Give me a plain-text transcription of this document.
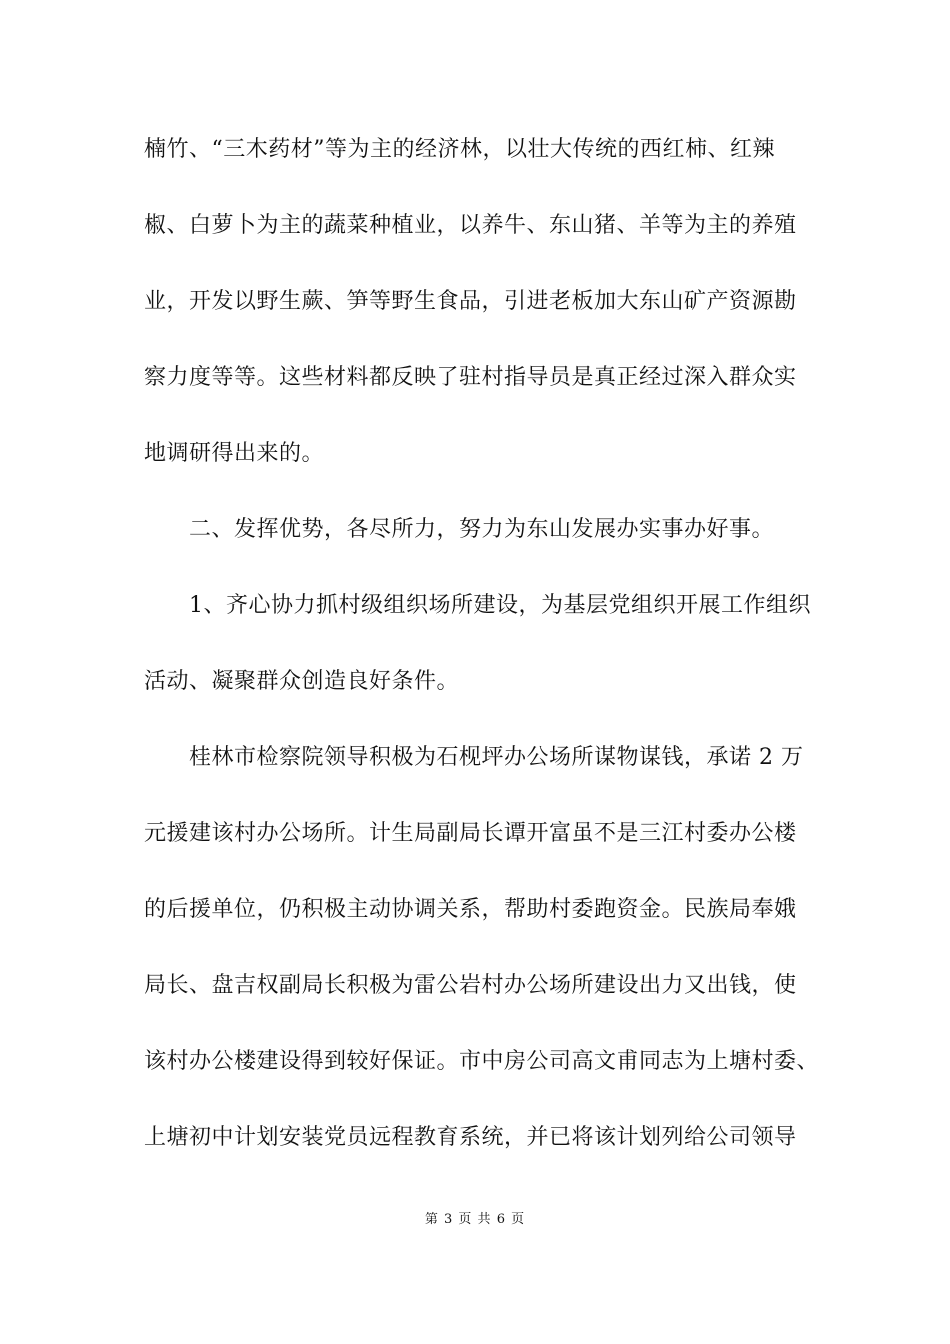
楠竹、“三木药材”等为主的经济林，以壮大传统的西红柿、红辣
椒、白萝卜为主的蔬菜种植业，以养牛、东山猪、羊等为主的养殖
业，开发以野生蕨、笋等野生食品，引进老板加大东山矿产资源勘
察力度等等。这些材料都反映了驻村指导员是真正经过深入群众实
地调研得出来的。
二、发挥优势，各尽所力，努力为东山发展办实事办好事。
1、齐心协力抓村级组织场所建设，为基层党组织开展工作组织
活动、凝聚群众创造良好条件。
桂林市检察院领导积极为石枧坪办公场所谋物谋钱，承诺 2 万
元援建该村办公场所。计生局副局长谭开富虽不是三江村委办公楼
的后援单位，仍积极主动协调关系，帮助村委跑资金。民族局奉娥
局长、盘吉权副局长积极为雷公岩村办公场所建设出力又出钱，使
该村办公楼建设得到较好保证。市中房公司高文甫同志为上塘村委、
上塘初中计划安装党员远程教育系统，并已将该计划列给公司领导
第 3 页 共 6 页
